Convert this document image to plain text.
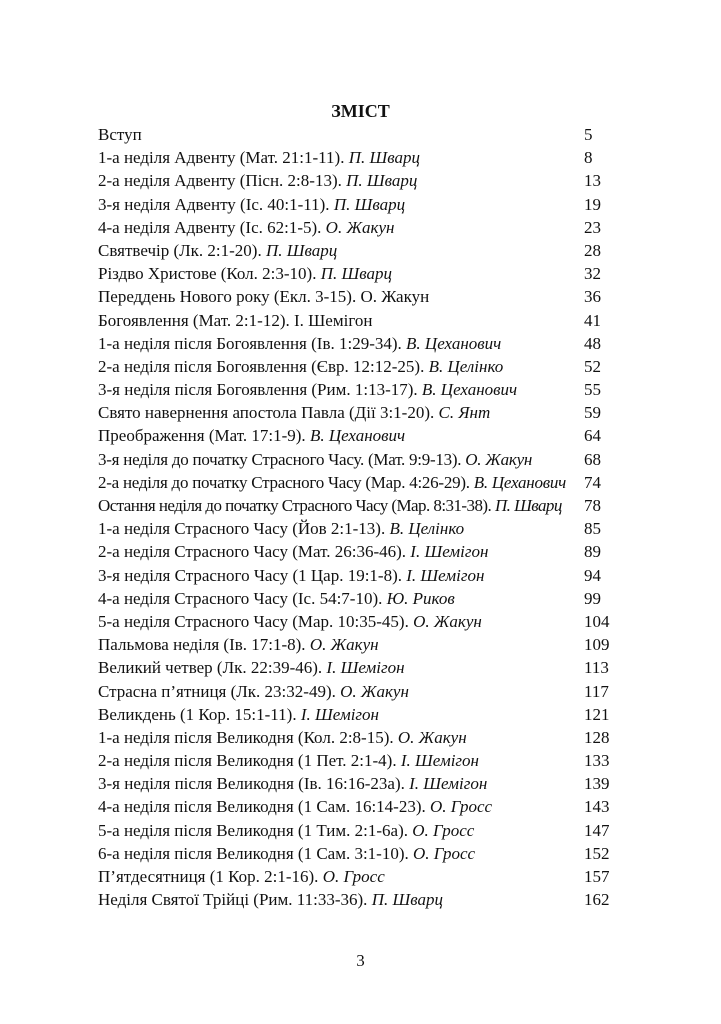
ЗМІСТ
Вступ	5
1-а неділя Адвенту (Мат. 21:1-11). П. Шварц	8
2-а неділя Адвенту (Пісн. 2:8-13). П. Шварц	13
3-я неділя Адвенту (Іс. 40:1-11). П. Шварц	19
4-а неділя Адвенту (Іс. 62:1-5). О. Жакун	23
Святвечір (Лк. 2:1-20). П. Шварц	28
Різдво Христове (Кол. 2:3-10). П. Шварц	32
Переддень Нового року (Екл. 3-15). О. Жакун	36
Богоявлення (Мат. 2:1-12). І. Шемігон	41
1-а неділя після Богоявлення (Ів. 1:29-34). В. Цеханович	48
2-а неділя після Богоявлення (Євр. 12:12-25). В. Целінко	52
3-я неділя після Богоявлення (Рим. 1:13-17). В. Цеханович	55
Свято навернення апостола Павла (Дії 3:1-20). С. Янт	59
Преображення (Мат. 17:1-9). В. Цеханович	64
3-я неділя до початку Страсного Часу. (Мат. 9:9-13). О. Жакун	68
2-а неділя до початку Страсного Часу (Мар. 4:26-29). В. Цеханович 74
Остання неділя до початку Страсного Часу (Мар. 8:31-38). П. Шварц 78
1-а неділя Страсного Часу (Йов 2:1-13). В. Целінко	85
2-а неділя Страсного Часу (Мат. 26:36-46). І. Шемігон	89
3-я неділя Страсного Часу (1 Цар. 19:1-8). І. Шемігон	94
4-а неділя Страсного Часу (Іс. 54:7-10). Ю. Риков	99
5-а неділя Страсного Часу (Мар. 10:35-45). О. Жакун	104
Пальмова неділя (Ів. 17:1-8). О. Жакун	109
Великий четвер (Лк. 22:39-46). І. Шемігон	113
Страсна п’ятниця (Лк. 23:32-49). О. Жакун	117
Великдень (1 Кор. 15:1-11). І. Шемігон	121
1-а неділя після Великодня (Кол. 2:8-15). О. Жакун	128
2-а неділя після Великодня (1 Пет. 2:1-4). І. Шемігон	133
3-я неділя після Великодня (Ів. 16:16-23а). І. Шемігон	139
4-а неділя після Великодня (1 Сам. 16:14-23). О. Гросс	143
5-а неділя після Великодня (1 Тим. 2:1-6а). О. Гросс	147
6-а неділя після Великодня (1 Сам. 3:1-10). О. Гросс	152
П’ятдесятниця (1 Кор. 2:1-16). О. Гросс	157
Неділя Святої Трійці (Рим. 11:33-36). П. Шварц	162
3
